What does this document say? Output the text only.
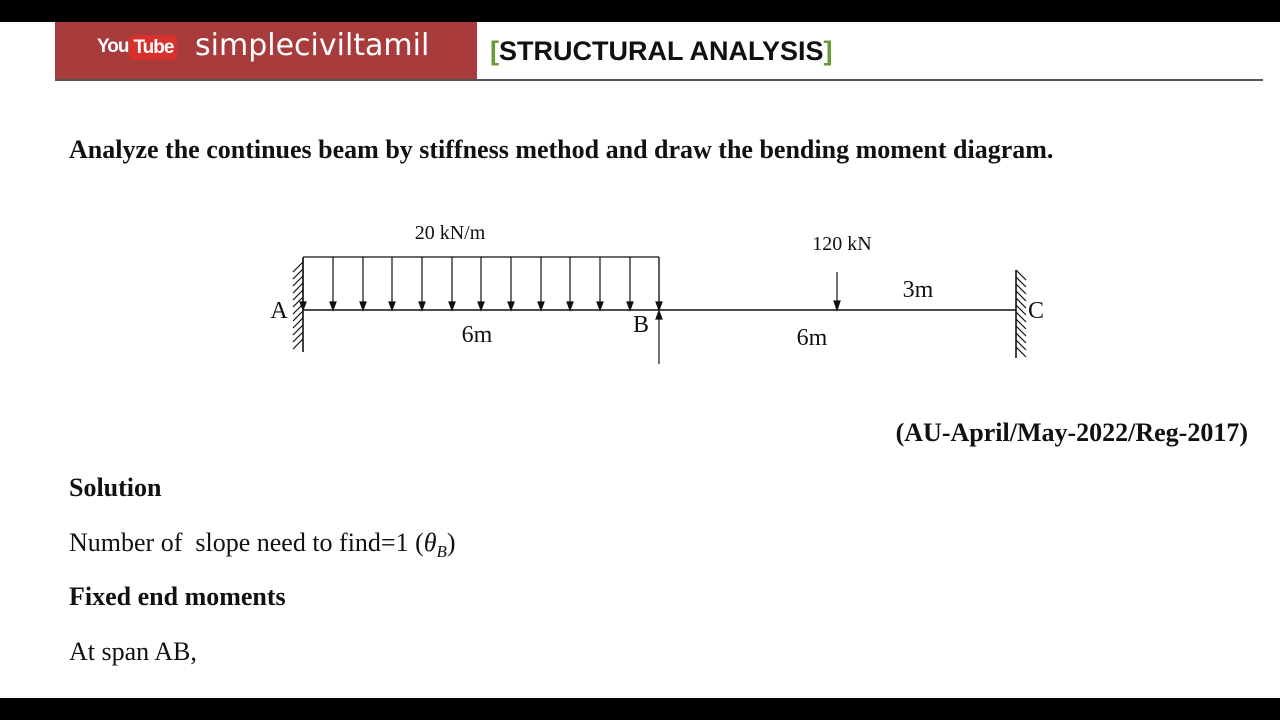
You Tube simpleciviltamil [STRUCTURAL ANALYSIS]
Analyze the continues beam by stiffness method and draw the bending moment diagram.
20 kN/m	120 kN
3m
A
B
C
6m	6m
(AU-April/May-2022/Reg-2017)
Solution
Number of  slope need to find=1 $(\theta_B)$
Fixed end moments
At span AB,
